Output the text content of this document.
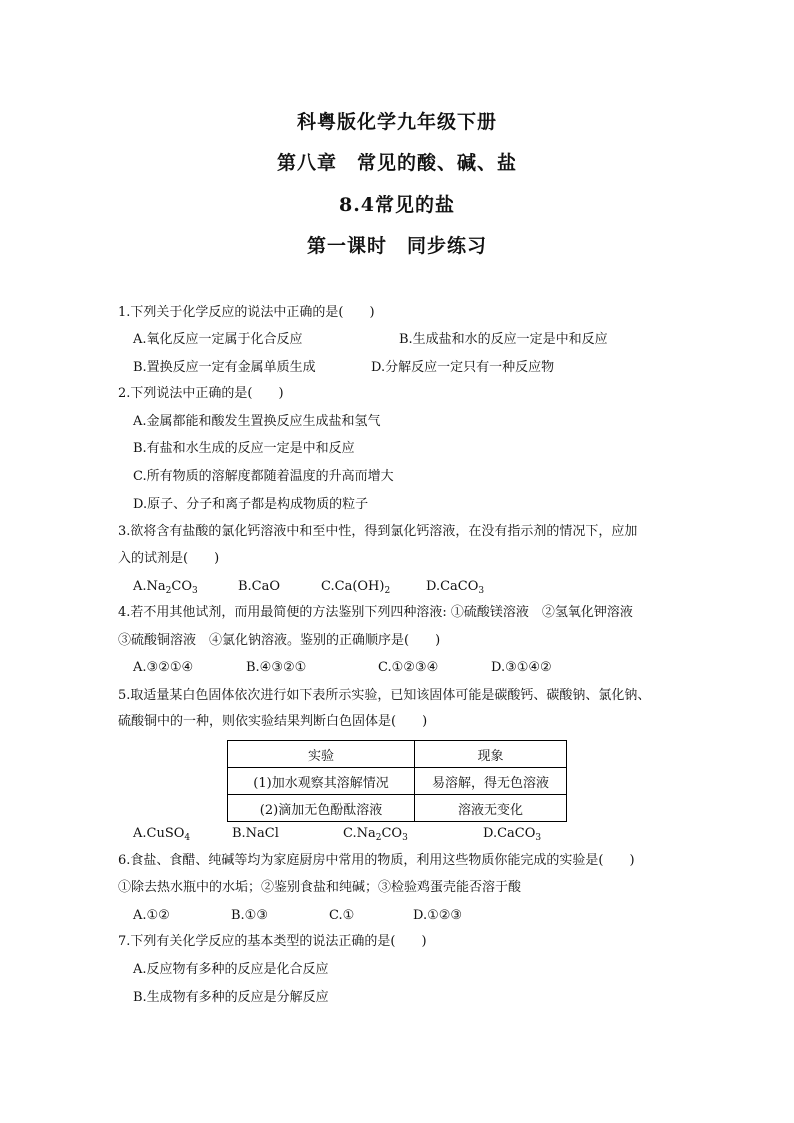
科粤版化学九年级下册
第八章　常见的酸、碱、盐
8.4常见的盐
第一课时　同步练习
1.下列关于化学反应的说法中正确的是(　　)
A.氧化反应一定属于化合反应	B.生成盐和水的反应一定是中和反应
B.置换反应一定有金属单质生成	D.分解反应一定只有一种反应物
2.下列说法中正确的是(　　)
A.金属都能和酸发生置换反应生成盐和氢气
B.有盐和水生成的反应一定是中和反应
C.所有物质的溶解度都随着温度的升高而增大
D.原子、分子和离子都是构成物质的粒子
3.欲将含有盐酸的氯化钙溶液中和至中性，得到氯化钙溶液，在没有指示剂的情况下，应加
入的试剂是(　　)
$A.Na_2CO_3$	B.CaO	$C.Ca(OH)_2$	D.CaCO$_3$
4.若不用其他试剂，而用最简便的方法鉴别下列四种溶液: ①硫酸镁溶液　②氢氧化钾溶液
③硫酸铜溶液　④氯化钠溶液。鉴别的正确顺序是(　　)
A.③②①④	B.④③②①	C.①②③④	D.③①④②
5.取适量某白色固体依次进行如下表所示实验，已知该固体可能是碳酸钙、碳酸钠、氯化钠、
硫酸铜中的一种，则依实验结果判断白色固体是(　　)
实验	现象
(1)加水观察其溶解情况	易溶解，得无色溶液
(2)滴加无色酚酞溶液	溶液无变化
A.CuSO$_4$	B.NaCl	$C.Na_2CO_3$	D.CaCO$_3$
6.食盐、食醋、纯碱等均为家庭厨房中常用的物质，利用这些物质你能完成的实验是(　　)
①除去热水瓶中的水垢；②鉴别食盐和纯碱；③检验鸡蛋壳能否溶于酸
A.①②	B.①③	C.①	D.①②③
7.下列有关化学反应的基本类型的说法正确的是(　　)
A.反应物有多种的反应是化合反应
B.生成物有多种的反应是分解反应
